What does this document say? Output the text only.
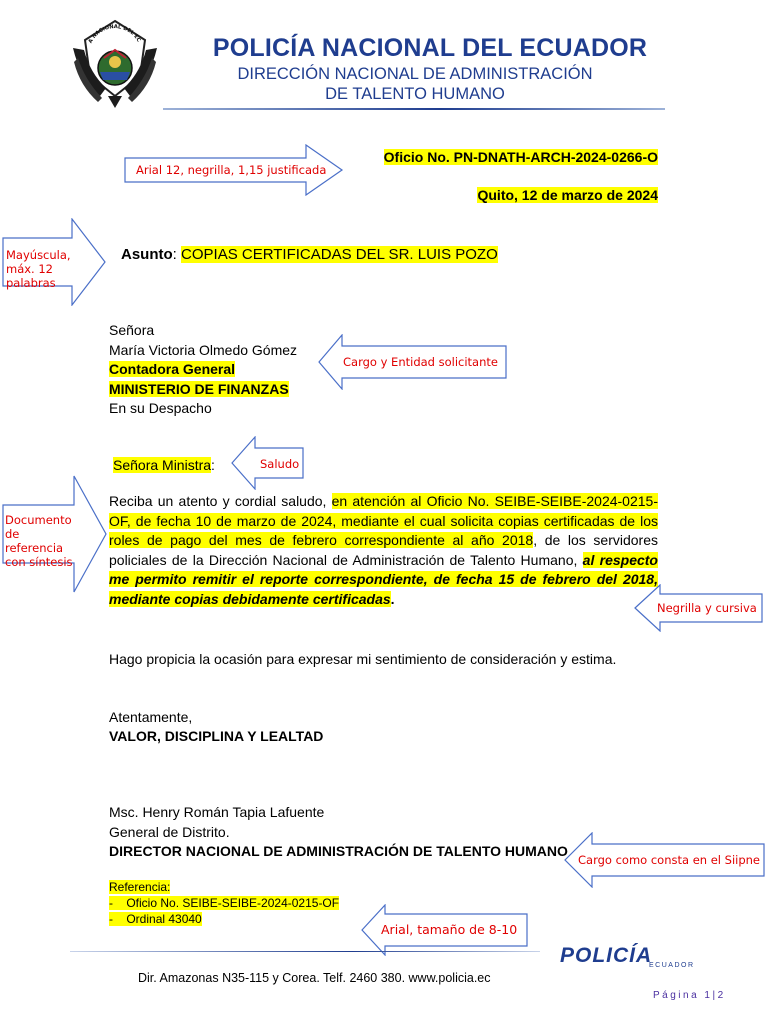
A NACIONAL DEL EC	POLICÍA NACIONAL DEL ECUADOR
DIRECCIÓN NACIONAL DE ADMINISTRACIÓN
DE TALENTO HUMANO
Oficio No. PN-DNATH-ARCH-2024-0266-O
Quito, 12 de marzo de 2024
Asunto: COPIAS CERTIFICADAS DEL SR. LUIS POZO
Señora
María Victoria Olmedo Gómez
Contadora General
MINISTERIO DE FINANZAS
En su Despacho
Señora Ministra:
Reciba un atento y cordial saludo, en atención al Oficio No. SEIBE-SEIBE-2024-0215-OF, de fecha 10 de marzo de 2024, mediante el cual solicita copias certificadas de los roles de pago del mes de febrero correspondiente al año 2018, de los servidores policiales de la Dirección Nacional de Administración de Talento Humano, al respecto me permito remitir el reporte correspondiente, de fecha 15 de febrero del 2018, mediante copias debidamente certificadas.
Hago propicia la ocasión para expresar mi sentimiento de consideración y estima.
Atentamente,
VALOR, DISCIPLINA Y LEALTAD
Msc. Henry Román Tapia Lafuente
General de Distrito.
DIRECTOR NACIONAL DE ADMINISTRACIÓN DE TALENTO HUMANO
Referencia:
-    Oficio No. SEIBE-SEIBE-2024-0215-OF
-    Ordinal 43040
Arial 12, negrilla, 1,15 justificada
Mayúscula, máx. 12 palabras
Cargo y Entidad solicitante
Saludo
Documento de referencia con síntesis
Negrilla y cursiva
Cargo como consta en el Siipne
Arial, tamaño de 8-10
POLICÍA
ECUADOR
Dir. Amazonas N35-115 y Corea. Telf. 2460 380. www.policia.ec
Página 1|2
